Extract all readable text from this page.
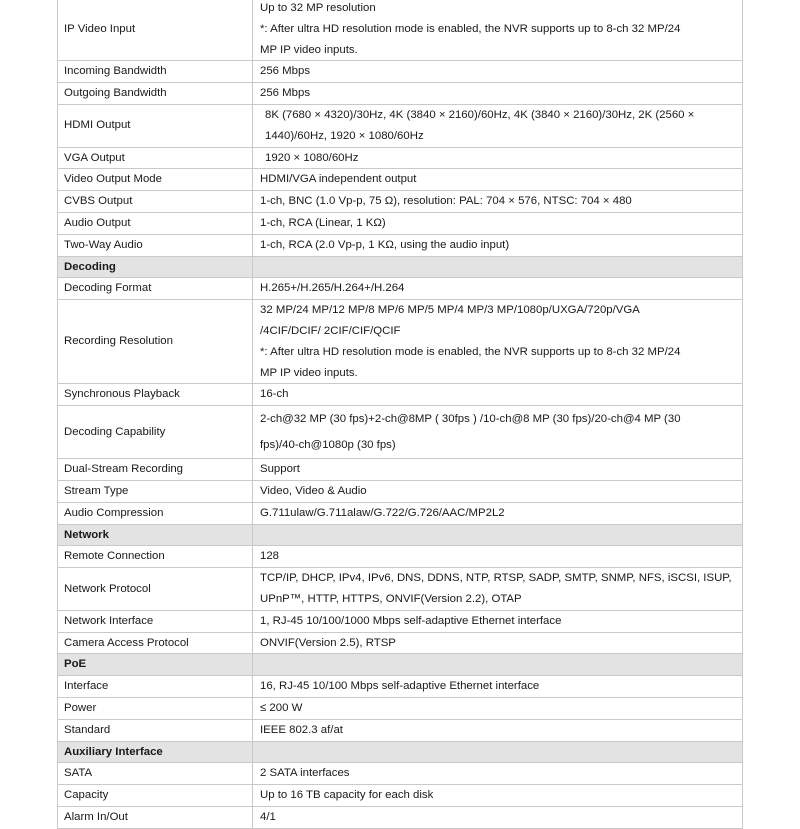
IP Video Input	Up to 32 MP resolution
*: After ultra HD resolution mode is enabled, the NVR supports up to 8-ch 32 MP/24
MP IP video inputs.

Incoming Bandwidth	256 Mbps

Outgoing Bandwidth	256 Mbps

HDMI Output	8K (7680 × 4320)/30Hz, 4K (3840 × 2160)/60Hz, 4K (3840 × 2160)/30Hz, 2K (2560 ×
1440)/60Hz, 1920 × 1080/60Hz

VGA Output	1920 × 1080/60Hz

Video Output Mode	HDMI/VGA independent output

CVBS Output	1-ch, BNC (1.0 Vp-p, 75 Ω), resolution: PAL: 704 × 576, NTSC: 704 × 480

Audio Output	1-ch, RCA (Linear, 1 KΩ)

Two-Way Audio	1-ch, RCA (2.0 Vp-p, 1 KΩ, using the audio input)

Decoding	
Decoding Format	H.265+/H.265/H.264+/H.264

Recording Resolution	32 MP/24 MP/12 MP/8 MP/6 MP/5 MP/4 MP/3 MP/1080p/UXGA/720p/VGA
/4CIF/DCIF/ 2CIF/CIF/QCIF
*: After ultra HD resolution mode is enabled, the NVR supports up to 8-ch 32 MP/24
MP IP video inputs.

Synchronous Playback	16-ch

Decoding Capability	2-ch@32 MP (30 fps)+2-ch@8MP ( 30fps ) /10-ch@8 MP (30 fps)/20-ch@4 MP (30
fps)/40-ch@1080p (30 fps)

Dual-Stream Recording	Support

Stream Type	Video, Video & Audio

Audio Compression	G.711ulaw/G.711alaw/G.722/G.726/AAC/MP2L2

Network	
Remote Connection	128

Network Protocol	TCP/IP, DHCP, IPv4, IPv6, DNS, DDNS, NTP, RTSP, SADP, SMTP, SNMP, NFS, iSCSI, ISUP,
UPnP™, HTTP, HTTPS, ONVIF(Version 2.2), OTAP

Network Interface	1, RJ-45 10/100/1000 Mbps self-adaptive Ethernet interface

Camera Access Protocol	ONVIF(Version 2.5), RTSP

PoE	
Interface	16, RJ-45 10/100 Mbps self-adaptive Ethernet interface

Power	≤ 200 W

Standard	IEEE 802.3 af/at

Auxiliary Interface	
SATA	2 SATA interfaces

Capacity	Up to 16 TB capacity for each disk

Alarm In/Out	4/1
